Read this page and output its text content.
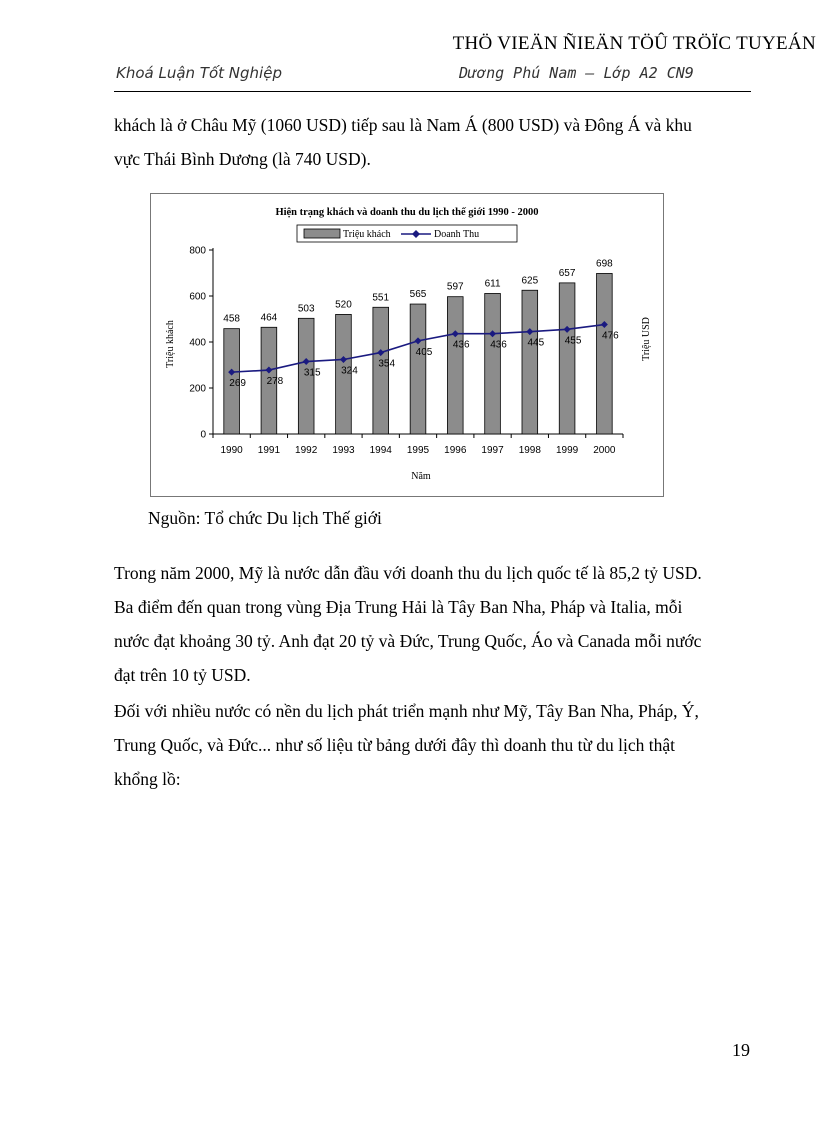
THÖ VIEÄN ÑIEÄN TÖÛ TRÖÏC TUYEÁN
Khoá Luận Tốt Nghiệp	Dương Phú Nam – Lớp A2 CN9

khách là ở Châu Mỹ (1060 USD) tiếp sau là Nam Á (800 USD) và Đông Á và khu
vực Thái Bình Dương (là 740 USD).

Hiện trạng khách và doanh thu du lịch thế giới 1990 - 2000
Triệu khách	Doanh Thu
Triệu khách	Triệu USD
Năm
0
200
400
600
800
458 464
503 520
551 565
597 611 625
657
698
269 278
315 324
354
405
436 436 445 455 476
1990 1991 1992 1993 1994 1995 1996 1997 1998 1999 2000
Nguồn: Tổ chức Du lịch Thế giới

Trong năm 2000, Mỹ là nước dẫn đầu với doanh thu du lịch quốc tế là 85,2 tỷ USD.
Ba điểm đến quan trong vùng Địa Trung Hải là Tây Ban Nha, Pháp và Italia, mỗi
nước đạt khoảng 30 tỷ. Anh đạt 20 tỷ và Đức, Trung Quốc, Áo và Canada mỗi nước
đạt trên 10 tỷ USD.

Đối với nhiều nước có nền du lịch phát triển mạnh như Mỹ, Tây Ban Nha, Pháp, Ý,
Trung Quốc, và Đức... như số liệu từ bảng dưới đây thì doanh thu từ du lịch thật
khổng lồ:

19
